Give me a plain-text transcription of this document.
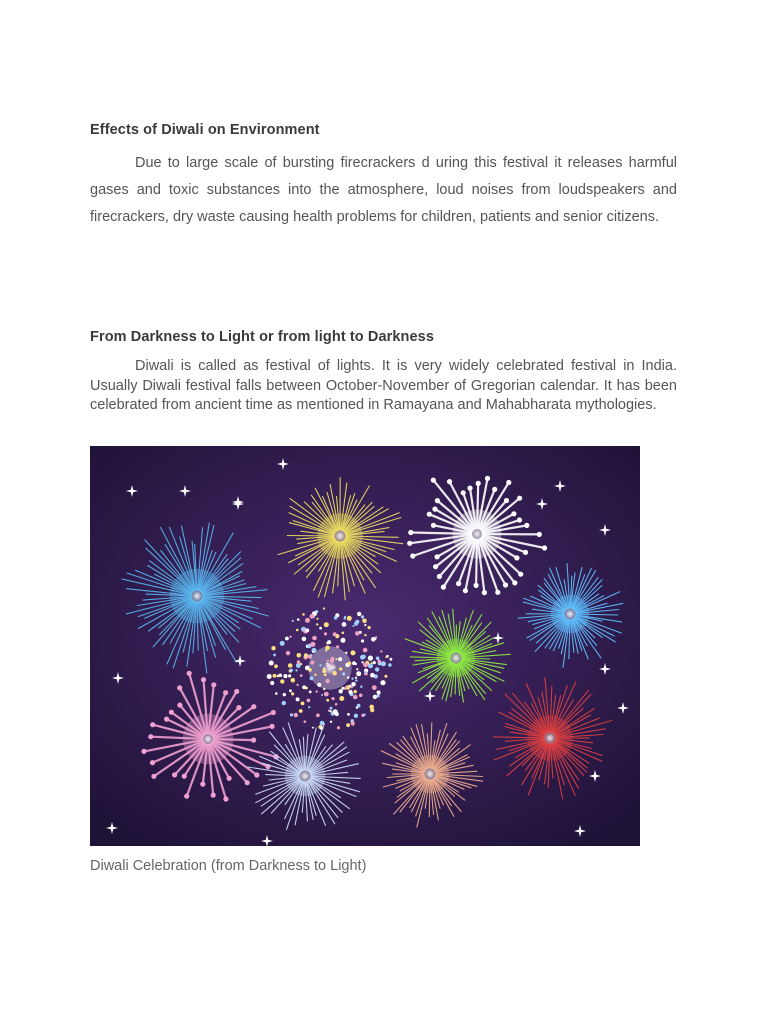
Effects of Diwali on Environment

Due to large scale of bursting firecrackers d uring this festival it releases harmful gases and toxic substances into the atmosphere, loud noises from loudspeakers and firecrackers, dry waste causing health problems for children, patients and senior citizens.

From Darkness to Light or from light to Darkness

Diwali is called as festival of lights. It is very widely celebrated festival in India. Usually Diwali festival falls between October-November of Gregorian calendar. It has been celebrated from ancient time as mentioned in Ramayana and Mahabharata mythologies.

Diwali Celebration (from Darkness to Light)
